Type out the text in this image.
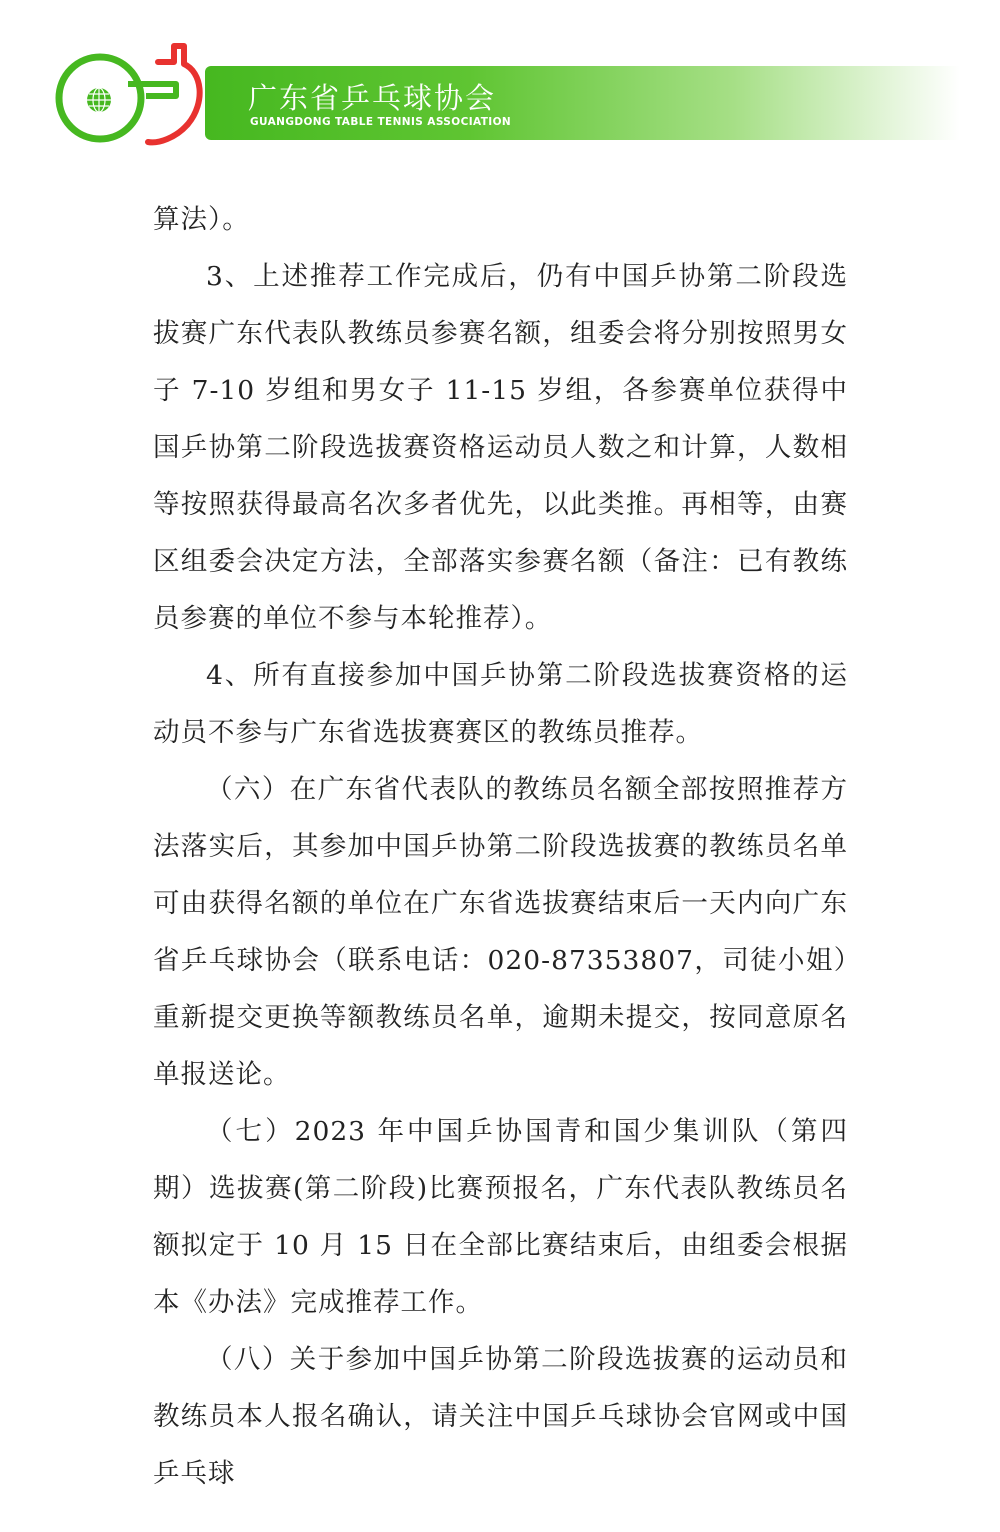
广东省乒乓球协会
GUANGDONG TABLE TENNIS ASSOCIATION

算法）。

3、上述推荐工作完成后，仍有中国乒协第二阶段选拔赛广东代表队教练员参赛名额，组委会将分别按照男女子 7-10 岁组和男女子 11-15 岁组，各参赛单位获得中国乒协第二阶段选拔赛资格运动员人数之和计算，人数相等按照获得最高名次多者优先，以此类推。再相等，由赛区组委会决定方法，全部落实参赛名额（备注：已有教练员参赛的单位不参与本轮推荐）。

4、所有直接参加中国乒协第二阶段选拔赛资格的运动员不参与广东省选拔赛赛区的教练员推荐。

（六）在广东省代表队的教练员名额全部按照推荐方法落实后，其参加中国乒协第二阶段选拔赛的教练员名单可由获得名额的单位在广东省选拔赛结束后一天内向广东省乒乓球协会（联系电话：020-87353807，司徒小姐）重新提交更换等额教练员名单，逾期未提交，按同意原名单报送论。

（七）2023 年中国乒协国青和国少集训队（第四期）选拔赛(第二阶段)比赛预报名，广东代表队教练员名额拟定于 10 月 15 日在全部比赛结束后，由组委会根据本《办法》完成推荐工作。

（八）关于参加中国乒协第二阶段选拔赛的运动员和教练员本人报名确认，请关注中国乒乓球协会官网或中国乒乓球
